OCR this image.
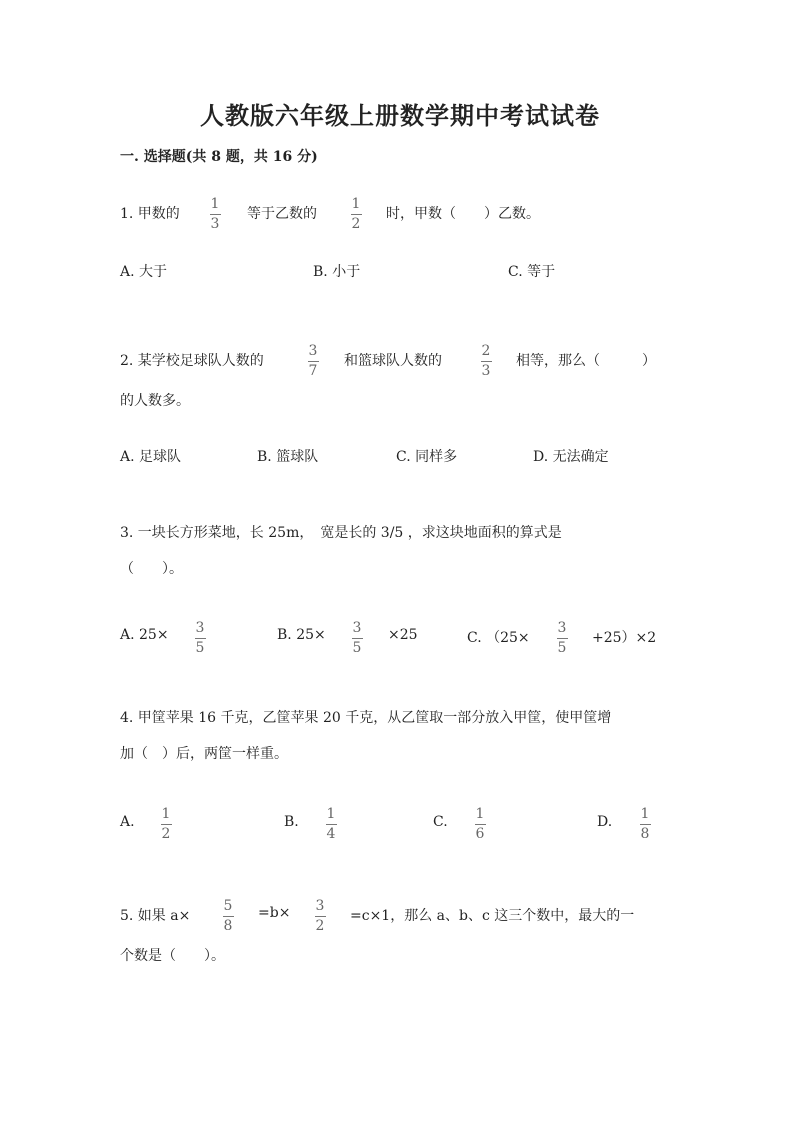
人教版六年级上册数学期中考试试卷
一. 选择题(共 8 题，共 16 分)
1. 甲数的
1
3
等于乙数的
1
2
时，甲数（　　）乙数。
A. 大于	B. 小于	C. 等于
2. 某学校足球队人数的
3
7
和篮球队人数的
2
3
相等，那么（　　　）
的人数多。
A. 足球队	B. 篮球队	C. 同样多	D. 无法确定
3. 一块长方形菜地，长 25m，　宽是长的 3/5 ，求这块地面积的算式是
（　　）。
A. 25× 3
5
B. 25× 3
5
×25	C. （25×
3
5
+25）×2
4. 甲筐苹果 16 千克，乙筐苹果 20 千克，从乙筐取一部分放入甲筐，使甲筐增
加（　）后，两筐一样重。
A. 1
2
B. 1
4
C. 1
6
D. 1
8
5. 如果 a×
5
8
=b× 3
2
=c×1，那么 a、b、c 这三个数中，最大的一
个数是（　　）。
